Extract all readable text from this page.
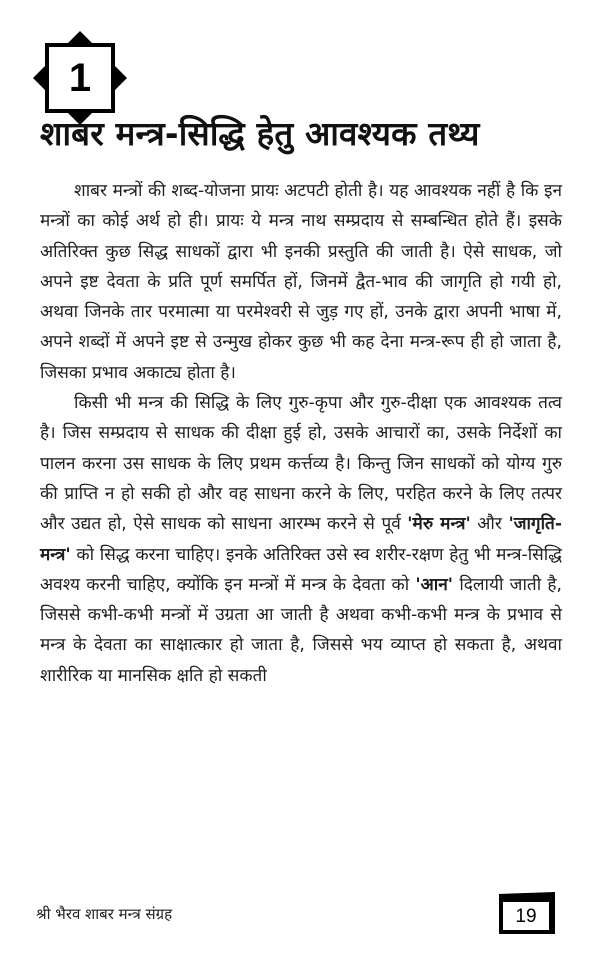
1
शाबर मन्त्र-सिद्धि हेतु आवश्यक तथ्य

शाबर मन्त्रों की शब्द-योजना प्रायः अटपटी होती है। यह आवश्यक नहीं है कि इन मन्त्रों का कोई अर्थ हो ही। प्रायः ये मन्त्र नाथ सम्प्रदाय से सम्बन्धित होते हैं। इसके अतिरिक्त कुछ सिद्ध साधकों द्वारा भी इनकी प्रस्तुति की जाती है। ऐसे साधक, जो अपने इष्ट देवता के प्रति पूर्ण समर्पित हों, जिनमें द्वैत-भाव की जागृति हो गयी हो, अथवा जिनके तार परमात्मा या परमेश्वरी से जुड़ गए हों, उनके द्वारा अपनी भाषा में, अपने शब्दों में अपने इष्ट से उन्मुख होकर कुछ भी कह देना मन्त्र-रूप ही हो जाता है, जिसका प्रभाव अकाट्य होता है।

किसी भी मन्त्र की सिद्धि के लिए गुरु-कृपा और गुरु-दीक्षा एक आवश्यक तत्व है। जिस सम्प्रदाय से साधक की दीक्षा हुई हो, उसके आचारों का, उसके निर्देशों का पालन करना उस साधक के लिए प्रथम कर्त्तव्य है। किन्तु जिन साधकों को योग्य गुरु की प्राप्ति न हो सकी हो और वह साधना करने के लिए, परहित करने के लिए तत्पर और उद्यत हो, ऐसे साधक को साधना आरम्भ करने से पूर्व 'मेरु मन्त्र' और 'जागृति-मन्त्र' को सिद्ध करना चाहिए। इनके अतिरिक्त उसे स्व शरीर-रक्षण हेतु भी मन्त्र-सिद्धि अवश्य करनी चाहिए, क्योंकि इन मन्त्रों में मन्त्र के देवता को 'आन' दिलायी जाती है, जिससे कभी-कभी मन्त्रों में उग्रता आ जाती है अथवा कभी-कभी मन्त्र के प्रभाव से मन्त्र के देवता का साक्षात्कार हो जाता है, जिससे भय व्याप्त हो सकता है, अथवा शारीरिक या मानसिक क्षति हो सकती

श्री भैरव शाबर मन्त्र संग्रह	19
